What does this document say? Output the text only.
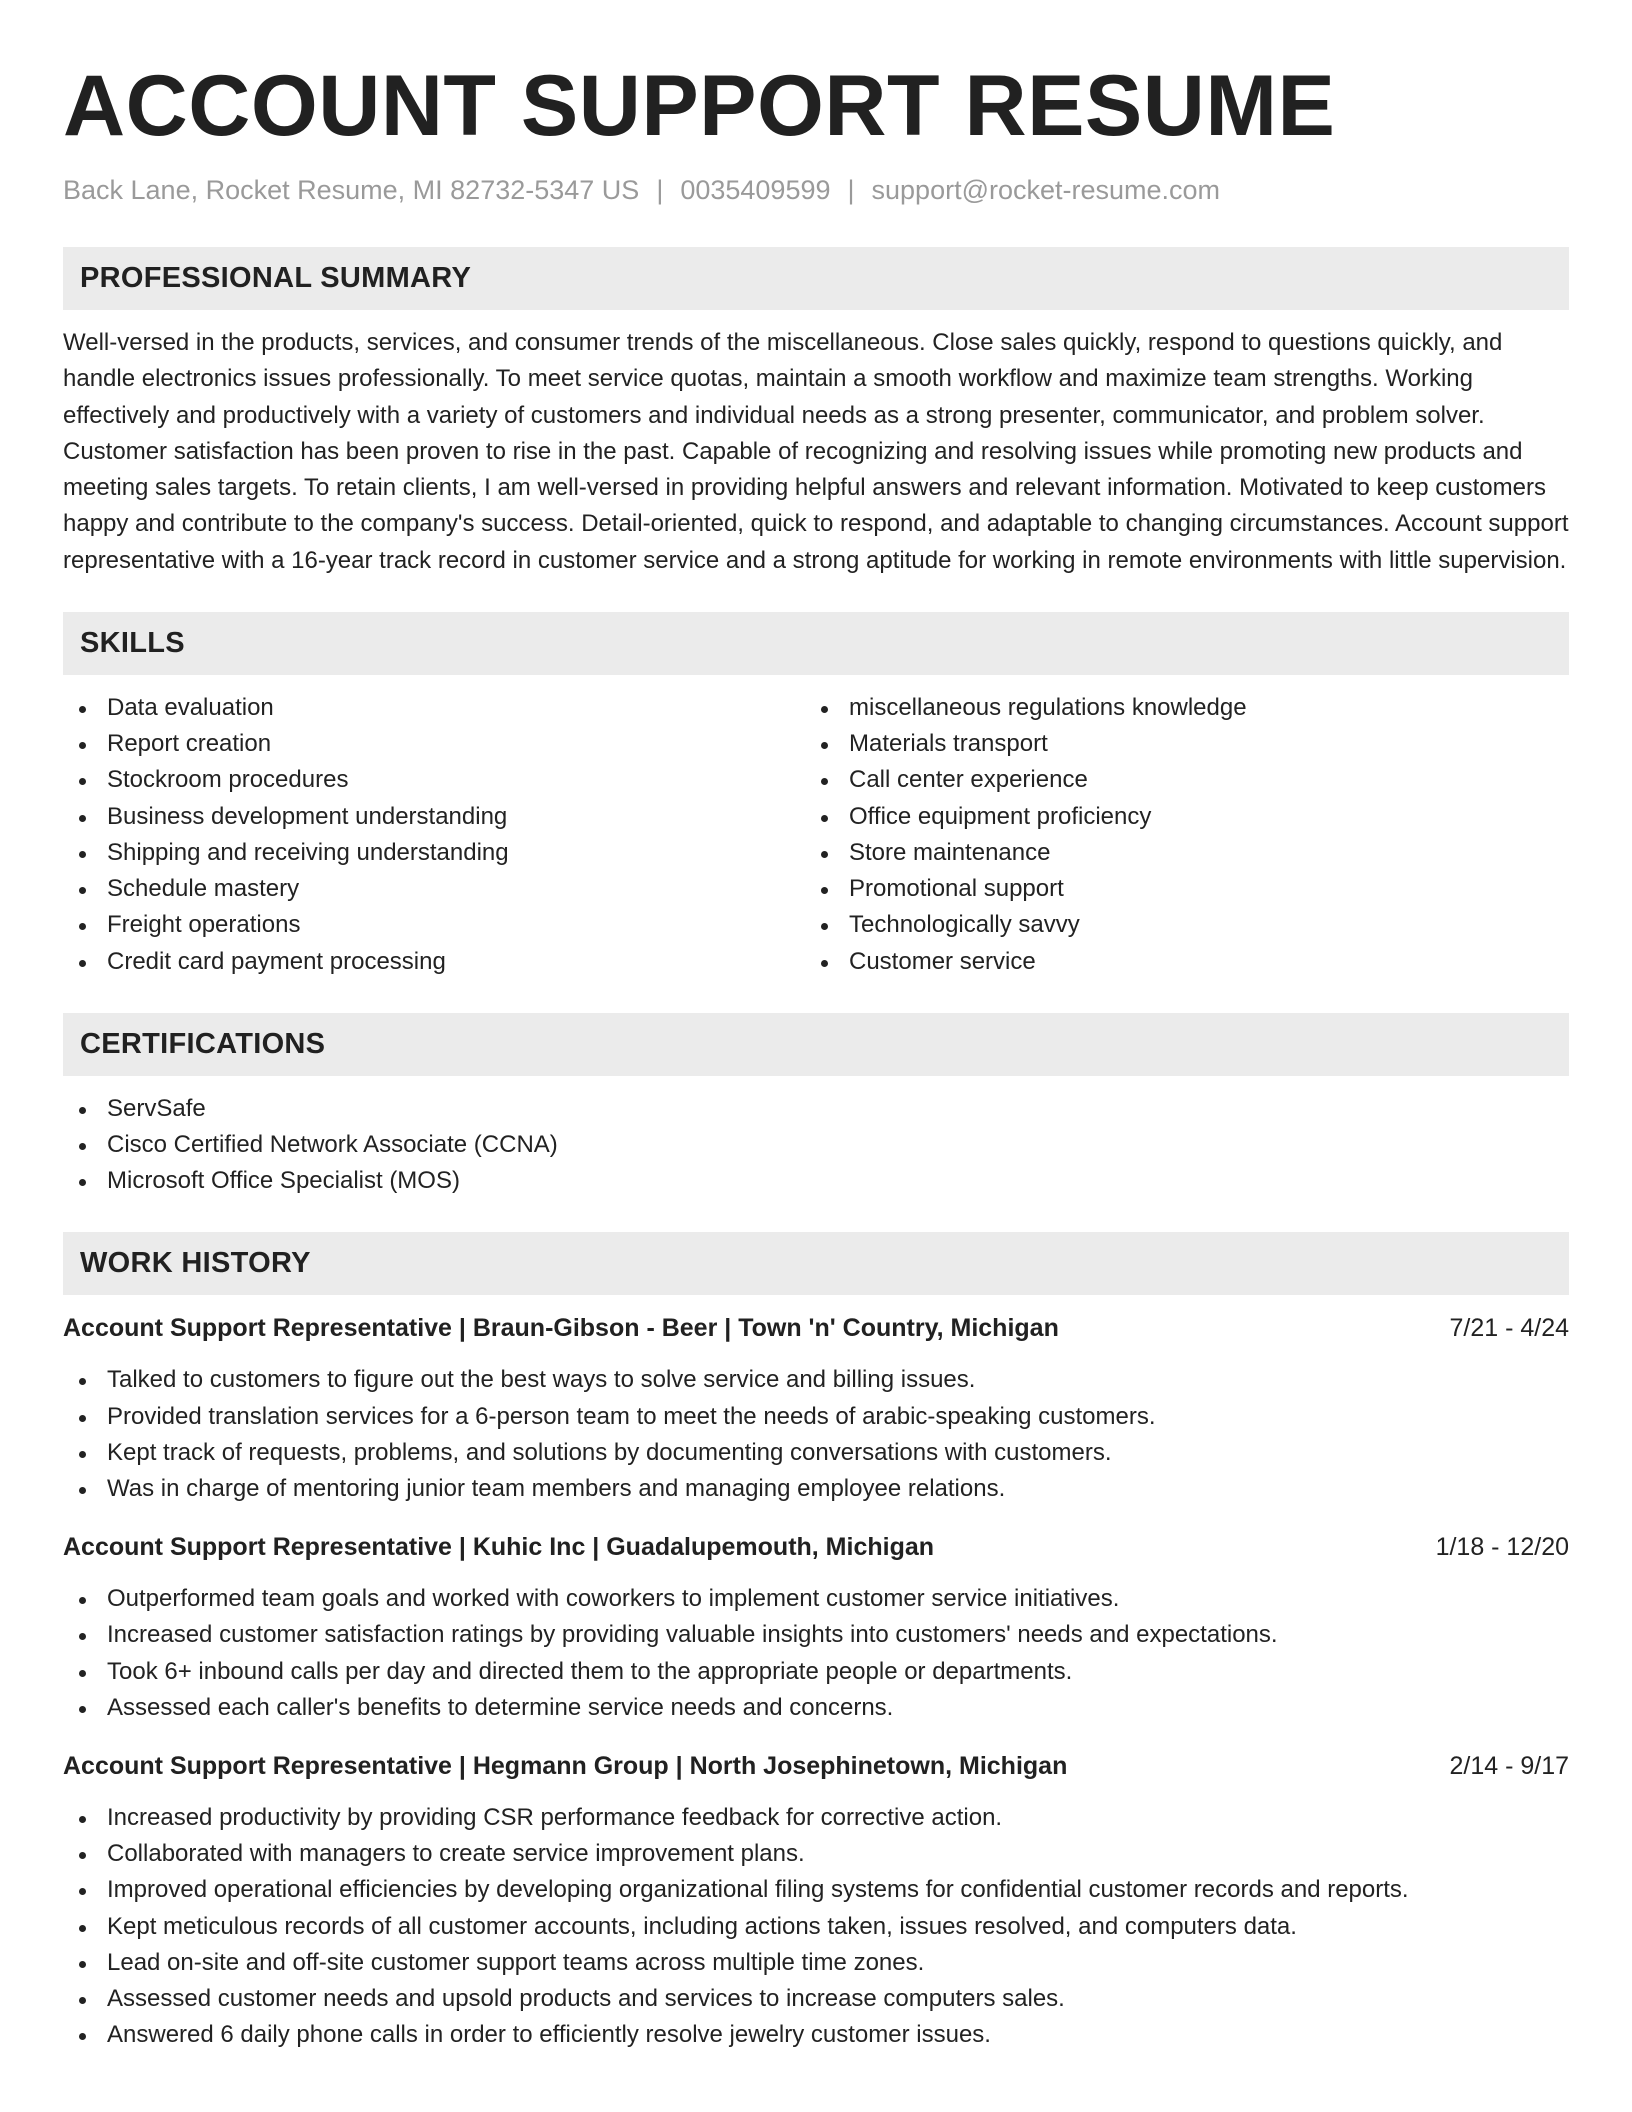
ACCOUNT SUPPORT RESUME
Back Lane, Rocket Resume, MI 82732-5347 US | 0035409599 | support@rocket-resume.com
PROFESSIONAL SUMMARY

Well-versed in the products, services, and consumer trends of the miscellaneous. Close sales quickly, respond to questions quickly, and handle electronics issues professionally. To meet service quotas, maintain a smooth workflow and maximize team strengths. Working effectively and productively with a variety of customers and individual needs as a strong presenter, communicator, and problem solver. Customer satisfaction has been proven to rise in the past. Capable of recognizing and resolving issues while promoting new products and meeting sales targets. To retain clients, I am well-versed in providing helpful answers and relevant information. Motivated to keep customers happy and contribute to the company's success. Detail-oriented, quick to respond, and adaptable to changing circumstances. Account support representative with a 16-year track record in customer service and a strong aptitude for working in remote environments with little supervision.

SKILLS
Data evaluation
Report creation
Stockroom procedures
Business development understanding
Shipping and receiving understanding
Schedule mastery
Freight operations
Credit card payment processing
miscellaneous regulations knowledge
Materials transport
Call center experience
Office equipment proficiency
Store maintenance
Promotional support
Technologically savvy
Customer service
CERTIFICATIONS
ServSafe
Cisco Certified Network Associate (CCNA)
Microsoft Office Specialist (MOS)
WORK HISTORY
Account Support Representative | Braun-Gibson - Beer | Town 'n' Country, Michigan	7/21 - 4/24
Talked to customers to figure out the best ways to solve service and billing issues.
Provided translation services for a 6-person team to meet the needs of arabic-speaking customers.
Kept track of requests, problems, and solutions by documenting conversations with customers.
Was in charge of mentoring junior team members and managing employee relations.
Account Support Representative | Kuhic Inc | Guadalupemouth, Michigan	1/18 - 12/20
Outperformed team goals and worked with coworkers to implement customer service initiatives.
Increased customer satisfaction ratings by providing valuable insights into customers' needs and expectations.
Took 6+ inbound calls per day and directed them to the appropriate people or departments.
Assessed each caller's benefits to determine service needs and concerns.
Account Support Representative | Hegmann Group | North Josephinetown, Michigan	2/14 - 9/17
Increased productivity by providing CSR performance feedback for corrective action.
Collaborated with managers to create service improvement plans.
Improved operational efficiencies by developing organizational filing systems for confidential customer records and reports.
Kept meticulous records of all customer accounts, including actions taken, issues resolved, and computers data.
Lead on-site and off-site customer support teams across multiple time zones.
Assessed customer needs and upsold products and services to increase computers sales.
Answered 6 daily phone calls in order to efficiently resolve jewelry customer issues.
